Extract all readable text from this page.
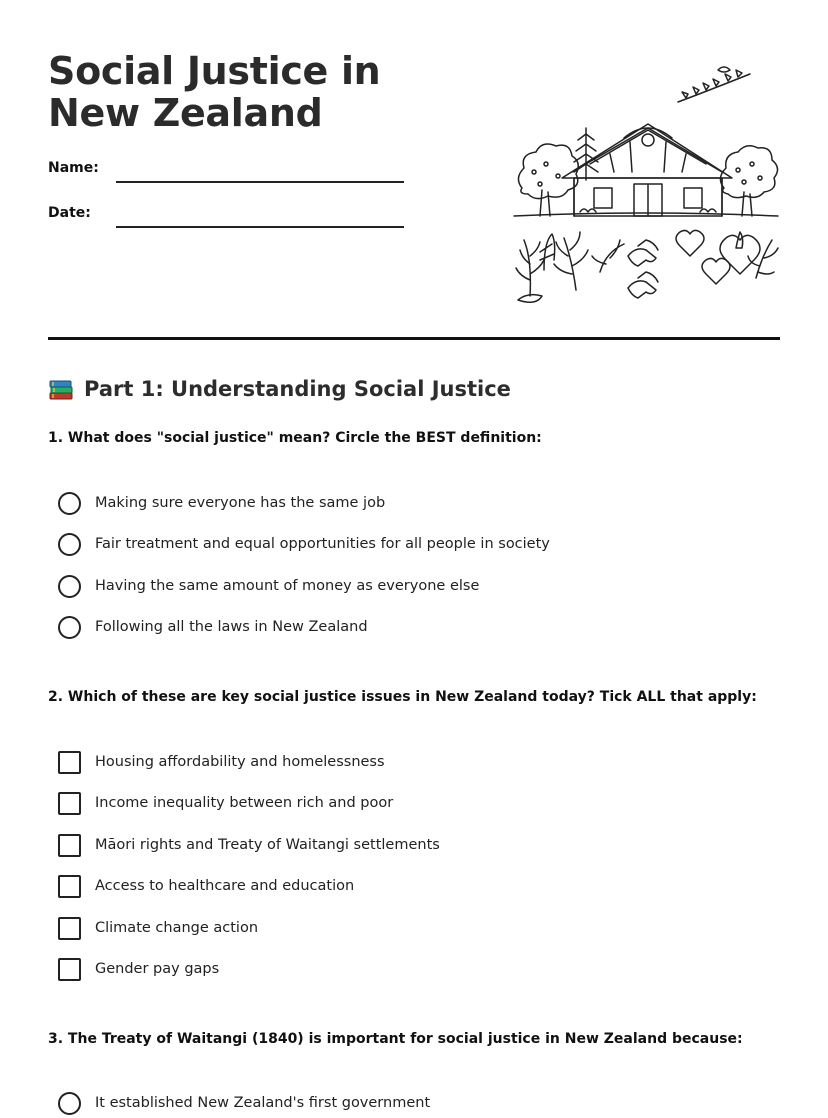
Social Justice in New Zealand
Name:
Date:
Part 1: Understanding Social Justice

1. What does "social justice" mean? Circle the BEST definition:

Making sure everyone has the same job
Fair treatment and equal opportunities for all people in society
Having the same amount of money as everyone else
Following all the laws in New Zealand

2. Which of these are key social justice issues in New Zealand today? Tick ALL that apply:

Housing affordability and homelessness
Income inequality between rich and poor
Māori rights and Treaty of Waitangi settlements
Access to healthcare and education
Climate change action
Gender pay gaps

3. The Treaty of Waitangi (1840) is important for social justice in New Zealand because:

It established New Zealand's first government
